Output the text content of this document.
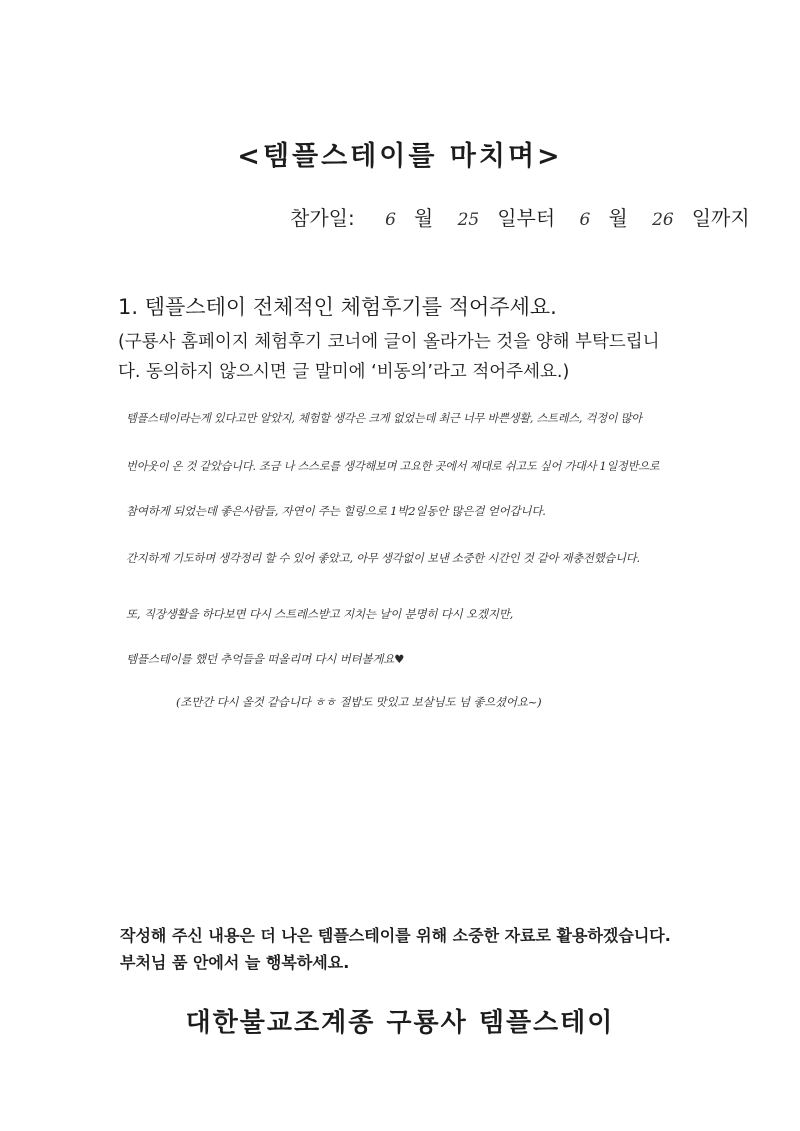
<템플스테이를 마치며>
참가일: 6 월 25 일부터 6 월 26 일까지
1. 템플스테이 전체적인 체험후기를 적어주세요.
(구룡사 홈페이지 체험후기 코너에 글이 올라가는 것을 양해 부탁드립니
다. 동의하지 않으시면 글 말미에 ‘비동의’라고 적어주세요.)
템플스테이라는게 있다고만 알았지, 체험할 생각은 크게 없었는데 최근 너무 바쁜생활, 스트레스, 걱정이 많아
번아웃이 온 것 같았습니다. 조금 나 스스로를 생각해보며 고요한 곳에서 제대로 쉬고도 싶어 가대사 1일정반으로
참여하게 되었는데 좋은사람들, 자연이 주는 힐링으로 1박2일동안 많은걸 얻어갑니다.
간지하게 기도하며 생각정리 할 수 있어 좋았고, 아무 생각없이 보낸 소중한 시간인 것 같아 재충전했습니다.
또, 직장생활을 하다보면 다시 스트레스받고 지치는 날이 분명히 다시 오겠지만,
템플스테이를 했던 추억들을 떠올리며 다시 버텨볼게요♥
(조만간 다시 올것 같습니다 ㅎㅎ 절밥도 맛있고 보살님도 넘 좋으셨어요~)
작성해 주신 내용은 더 나은 템플스테이를 위해 소중한 자료로 활용하겠습니다.
부처님 품 안에서 늘 행복하세요.
대한불교조계종 구룡사 템플스테이
